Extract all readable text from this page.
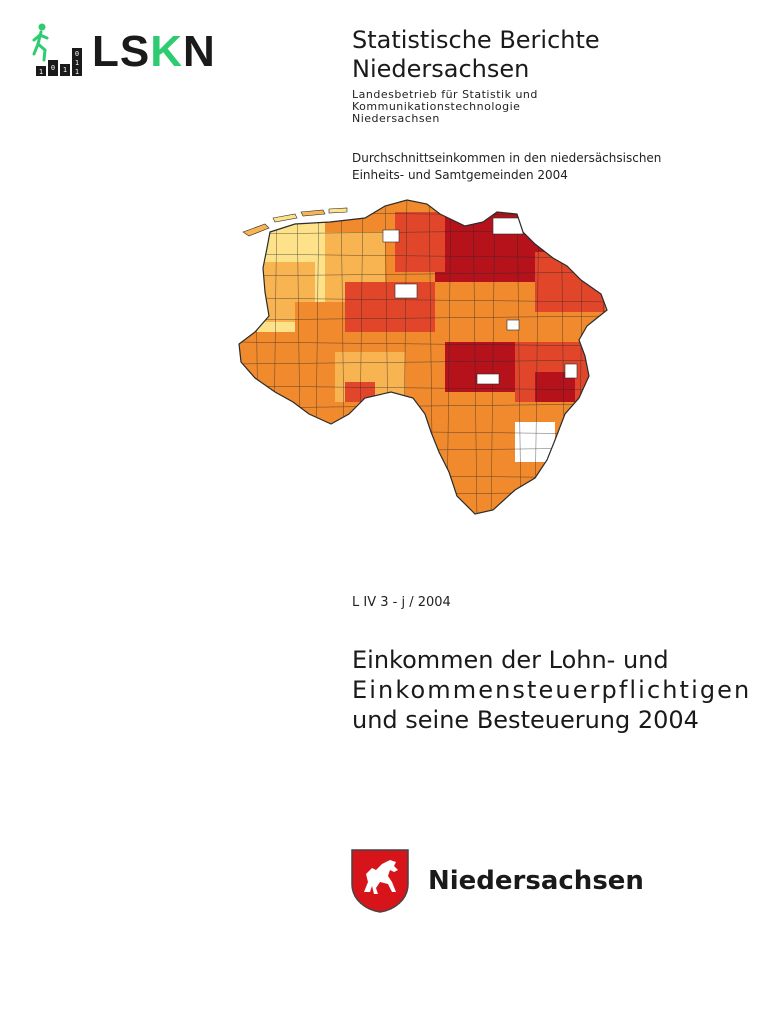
1 0 1
0
1
1 LSKN	Statistische Berichte
Niedersachsen
Landesbetrieb für Statistik und
Kommunikationstechnologie
Niedersachsen
Durchschnittseinkommen in den niedersächsischen
Einheits- und Samtgemeinden 2004
L IV 3 - j / 2004
Einkommen der Lohn- und
Einkommensteuerpflichtigen
und seine Besteuerung 2004
Niedersachsen
